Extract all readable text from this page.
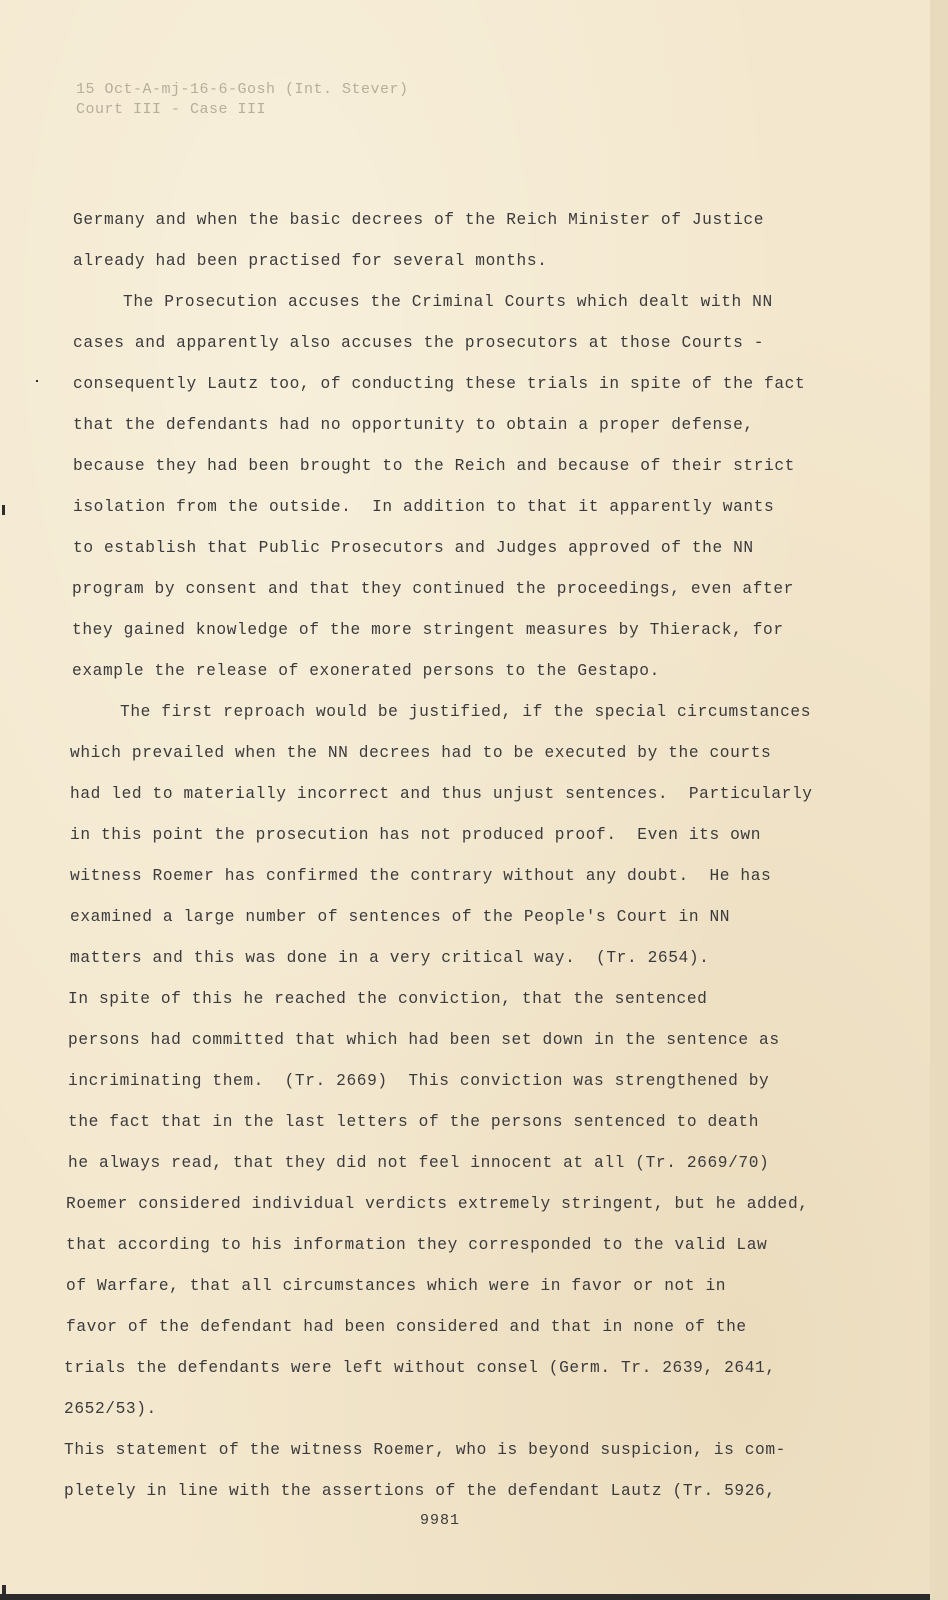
15 Oct-A-mj-16-6-Gosh (Int. Stever)
Court III - Case III
Germany and when the basic decrees of the Reich Minister of Justice
already had been practised for several months.
The Prosecution accuses the Criminal Courts which dealt with NN
cases and apparently also accuses the prosecutors at those Courts -
consequently Lautz too, of conducting these trials in spite of the fact
that the defendants had no opportunity to obtain a proper defense,
because they had been brought to the Reich and because of their strict
isolation from the outside.  In addition to that it apparently wants
to establish that Public Prosecutors and Judges approved of the NN
program by consent and that they continued the proceedings, even after
they gained knowledge of the more stringent measures by Thierack, for
example the release of exonerated persons to the Gestapo.
The first reproach would be justified, if the special circumstances
which prevailed when the NN decrees had to be executed by the courts
had led to materially incorrect and thus unjust sentences.  Particularly
in this point the prosecution has not produced proof.  Even its own
witness Roemer has confirmed the contrary without any doubt.  He has
examined a large number of sentences of the People's Court in NN
matters and this was done in a very critical way.  (Tr. 2654).
In spite of this he reached the conviction, that the sentenced
persons had committed that which had been set down in the sentence as
incriminating them.  (Tr. 2669)  This conviction was strengthened by
the fact that in the last letters of the persons sentenced to death
he always read, that they did not feel innocent at all (Tr. 2669/70)
Roemer considered individual verdicts extremely stringent, but he added,
that according to his information they corresponded to the valid Law
of Warfare, that all circumstances which were in favor or not in
favor of the defendant had been considered and that in none of the
trials the defendants were left without consel (Germ. Tr. 2639, 2641,
2652/53).
This statement of the witness Roemer, who is beyond suspicion, is com-
pletely in line with the assertions of the defendant Lautz (Tr. 5926,
9981
